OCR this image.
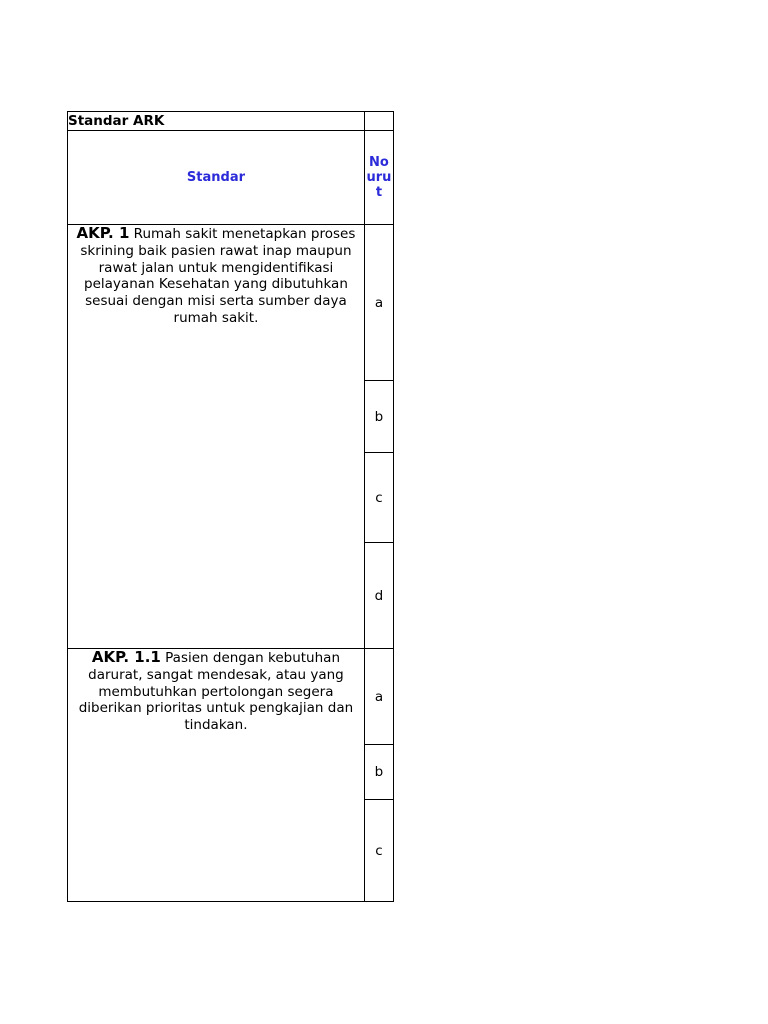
Standar ARK	
Standar	No
uru
t
AKP. 1 Rumah sakit menetapkan proses skrining baik pasien rawat inap maupun rawat jalan untuk mengidentifikasi pelayanan Kesehatan yang dibutuhkan sesuai dengan misi serta sumber daya rumah sakit.	a
	b
	c
	d
AKP. 1.1 Pasien dengan kebutuhan darurat, sangat mendesak, atau yang membutuhkan pertolongan segera diberikan prioritas untuk pengkajian dan tindakan.	a
	b
	c
